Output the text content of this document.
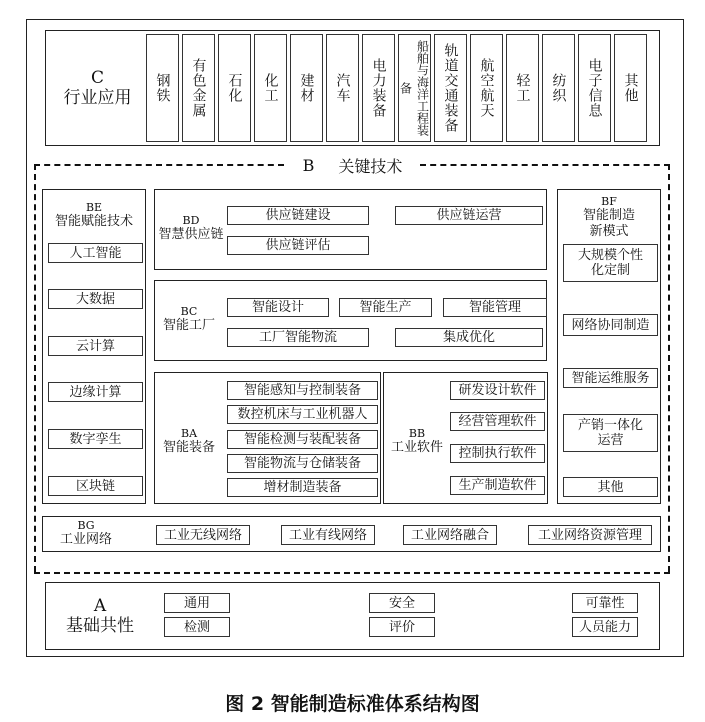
C
行业应用	钢铁	有色金属	石化	化工	建材	汽车	电力装备	船舶与海洋工程装备	轨道交通装备	航空航天	轻工	纺织	电子信息	其他
B 关键技术
BE
智能赋能技术
人工智能
大数据
云计算
边缘计算
数字孪生
区块链
BD
智慧供应链
供应链建设	供应链运营
供应链评估
BC
智能工厂
智能设计	智能生产	智能管理
工厂智能物流	集成优化
BA
智能装备
智能感知与控制装备
数控机床与工业机器人
智能检测与装配装备
智能物流与仓储装备
增材制造装备
BB
工业软件
研发设计软件
经营管理软件
控制执行软件
生产制造软件
BF
智能制造新模式
大规模个性化定制
网络协同制造
智能运维服务
产销一体化运营
其他
BG
工业网络	工业无线网络	工业有线网络	工业网络融合	工业网络资源管理
A
基础共性
通用
检测
安全
评价
可靠性
人员能力
图 2 智能制造标准体系结构图
